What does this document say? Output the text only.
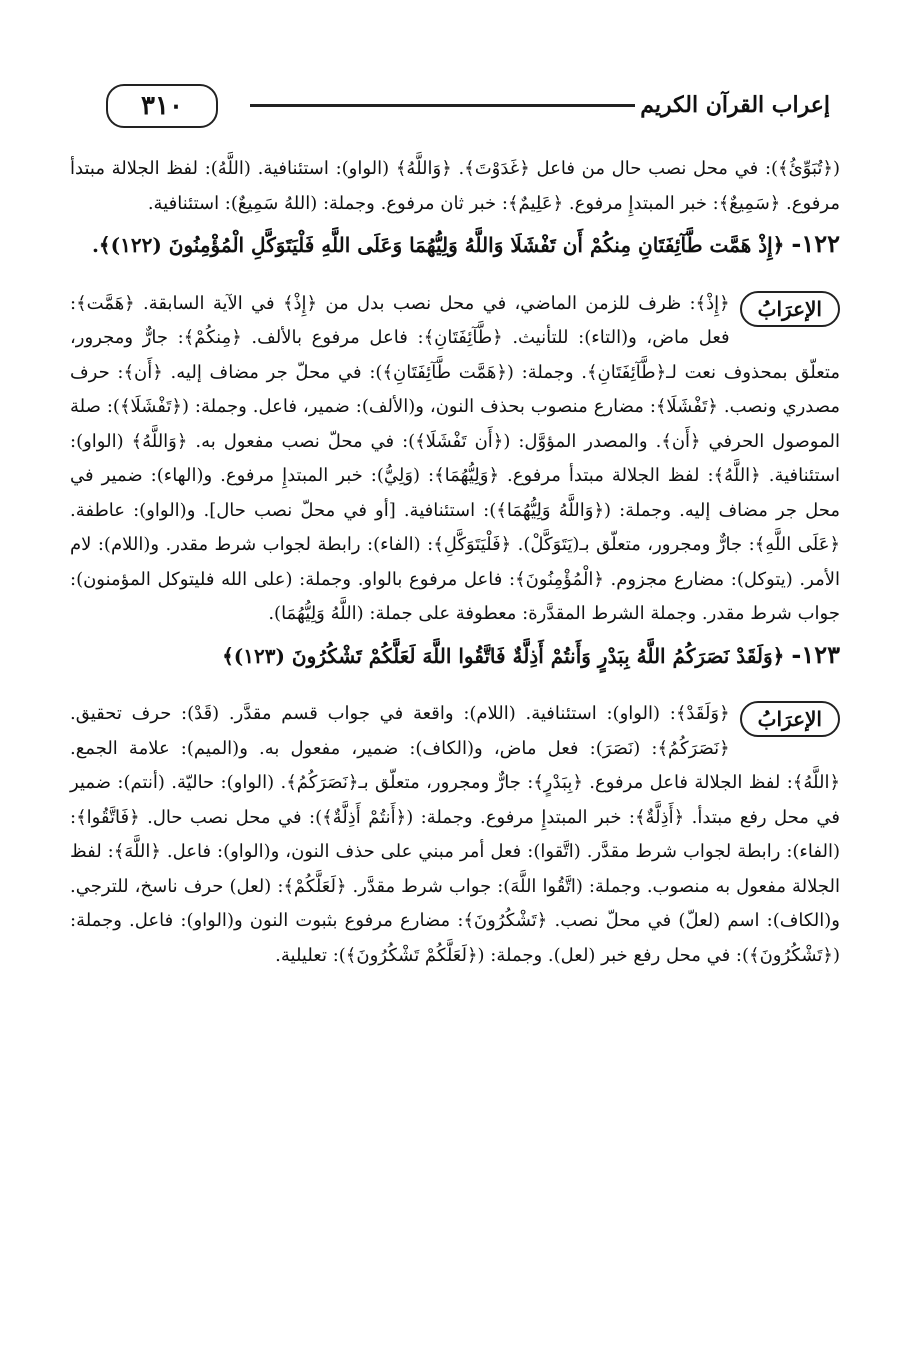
٣١٠	إعراب القرآن الكريم

(﴿تُبَوِّئُ﴾): في محل نصب حال من فاعل ﴿غَدَوْتَ﴾. ﴿وَاللَّهُ﴾ (الواو): استئنافية. (اللَّهُ): لفظ الجلالة مبتدأ مرفوع. ﴿سَمِيعٌ﴾: خبر المبتدإِ مرفوع. ﴿عَلِيمٌ﴾: خبر ثان مرفوع. وجملة: (اللهُ سَمِيعٌ): استئنافية.

١٢٢- ﴿إِذْ هَمَّت طَّآئِفَتَانِ مِنكُمْ أَن تَفْشَلَا وَاللَّهُ وَلِيُّهُمَا وَعَلَى اللَّهِ فَلْيَتَوَكَّلِ الْمُؤْمِنُونَ (١٢٢)﴾.

الإعرَابُ
﴿إِذْ﴾: ظرف للزمن الماضي، في محل نصب بدل من ﴿إِذْ﴾ في الآية السابقة. ﴿هَمَّت﴾: فعل ماض، و(التاء): للتأنيث. ﴿طَّآئِفَتَانِ﴾: فاعل مرفوع بالألف. ﴿مِنكُمْ﴾: جارٌّ ومجرور، متعلّق بمحذوف نعت لـ﴿طَّآئِفَتَانِ﴾. وجملة: (﴿هَمَّت طَّآئِفَتَانِ﴾): في محلّ جر مضاف إليه. ﴿أَن﴾: حرف مصدري ونصب. ﴿تَفْشَلَا﴾: مضارع منصوب بحذف النون، و(الألف): ضمير، فاعل. وجملة: (﴿تَفْشَلَا﴾): صلة الموصول الحرفي ﴿أَن﴾. والمصدر المؤوَّل: (﴿أَن تَفْشَلَا﴾): في محلّ نصب مفعول به. ﴿وَاللَّهُ﴾ (الواو): استئنافية. ﴿اللَّهُ﴾: لفظ الجلالة مبتدأ مرفوع. ﴿وَلِيُّهُمَا﴾: (وَلِيُّ): خبر المبتدإِ مرفوع. و(الهاء): ضمير في محل جر مضاف إليه. وجملة: (﴿وَاللَّهُ وَلِيُّهُمَا﴾): استئنافية. [أو في محلّ نصب حال]. و(الواو): عاطفة. ﴿عَلَى اللَّهِ﴾: جارٌّ ومجرور، متعلّق بـ(يَتَوَكَّلْ). ﴿فَلْيَتَوَكَّلِ﴾: (الفاء): رابطة لجواب شرط مقدر. و(اللام): لام الأمر. (يتوكل): مضارع مجزوم. ﴿الْمُؤْمِنُونَ﴾: فاعل مرفوع بالواو. وجملة: (على الله فليتوكل المؤمنون): جواب شرط مقدر. وجملة الشرط المقدَّرة: معطوفة على جملة: (اللَّهُ وَلِيُّهُمَا).

١٢٣- ﴿وَلَقَدْ نَصَرَكُمُ اللَّهُ بِبَدْرٍ وَأَنتُمْ أَذِلَّةٌ فَاتَّقُوا اللَّهَ لَعَلَّكُمْ تَشْكُرُونَ (١٢٣)﴾

الإعرَابُ
﴿وَلَقَدْ﴾: (الواو): استئنافية. (اللام): واقعة في جواب قسم مقدَّر. (قَدْ): حرف تحقيق. ﴿نَصَرَكُمُ﴾: (نَصَرَ): فعل ماض، و(الكاف): ضمير، مفعول به. و(الميم): علامة الجمع. ﴿اللَّهُ﴾: لفظ الجلالة فاعل مرفوع. ﴿بِبَدْرٍ﴾: جارٌّ ومجرور، متعلّق بـ﴿نَصَرَكُمُ﴾. (الواو): حاليّة. (أنتم): ضمير في محل رفع مبتدأ. ﴿أَذِلَّةٌ﴾: خبر المبتدإِ مرفوع. وجملة: (﴿أَنتُمْ أَذِلَّةٌ﴾): في محل نصب حال. ﴿فَاتَّقُوا﴾: (الفاء): رابطة لجواب شرط مقدَّر. (اتَّقوا): فعل أمر مبني على حذف النون، و(الواو): فاعل. ﴿اللَّهَ﴾: لفظ الجلالة مفعول به منصوب. وجملة: (اتَّقُوا اللَّهَ): جواب شرط مقدَّر. ﴿لَعَلَّكُمْ﴾: (لعل) حرف ناسخ، للترجي. و(الكاف): اسم (لعلّ) في محلّ نصب. ﴿تَشْكُرُونَ﴾: مضارع مرفوع بثبوت النون و(الواو): فاعل. وجملة: (﴿تَشْكُرُونَ﴾): في محل رفع خبر (لعل). وجملة: (﴿لَعَلَّكُمْ تَشْكُرُونَ﴾): تعليلية.
